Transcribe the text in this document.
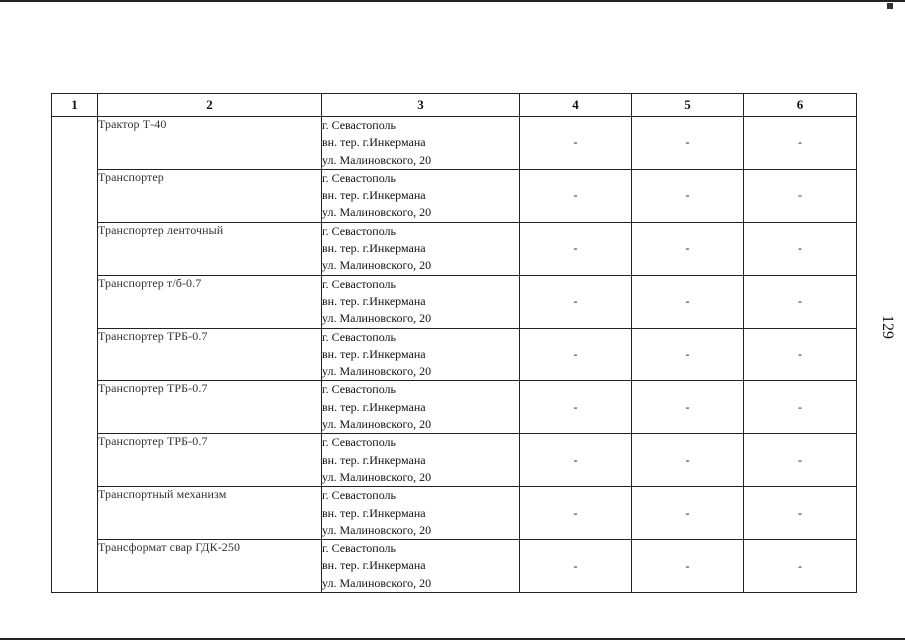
1	2	3	4	5	6
	Трактор Т-40	г. Севастополь
вн. тер. г.Инкермана
ул. Малиновского, 20	-	-	-
	Транспортер	г. Севастополь
вн. тер. г.Инкермана
ул. Малиновского, 20	-	-	-
	Транспортер ленточный	г. Севастополь
вн. тер. г.Инкермана
ул. Малиновского, 20	-	-	-
	Транспортер т/б-0.7	г. Севастополь
вн. тер. г.Инкермана
ул. Малиновского, 20	-	-	-
	Транспортер ТРБ-0.7	г. Севастополь
вн. тер. г.Инкермана
ул. Малиновского, 20	-	-	-
	Транспортер ТРБ-0.7	г. Севастополь
вн. тер. г.Инкермана
ул. Малиновского, 20	-	-	-
	Транспортер ТРБ-0.7	г. Севастополь
вн. тер. г.Инкермана
ул. Малиновского, 20	-	-	-
	Транспортный механизм	г. Севастополь
вн. тер. г.Инкермана
ул. Малиновского, 20	-	-	-
	Трансформат свар ГДК-250	г. Севастополь
вн. тер. г.Инкермана
ул. Малиновского, 20	-	-	-
129
